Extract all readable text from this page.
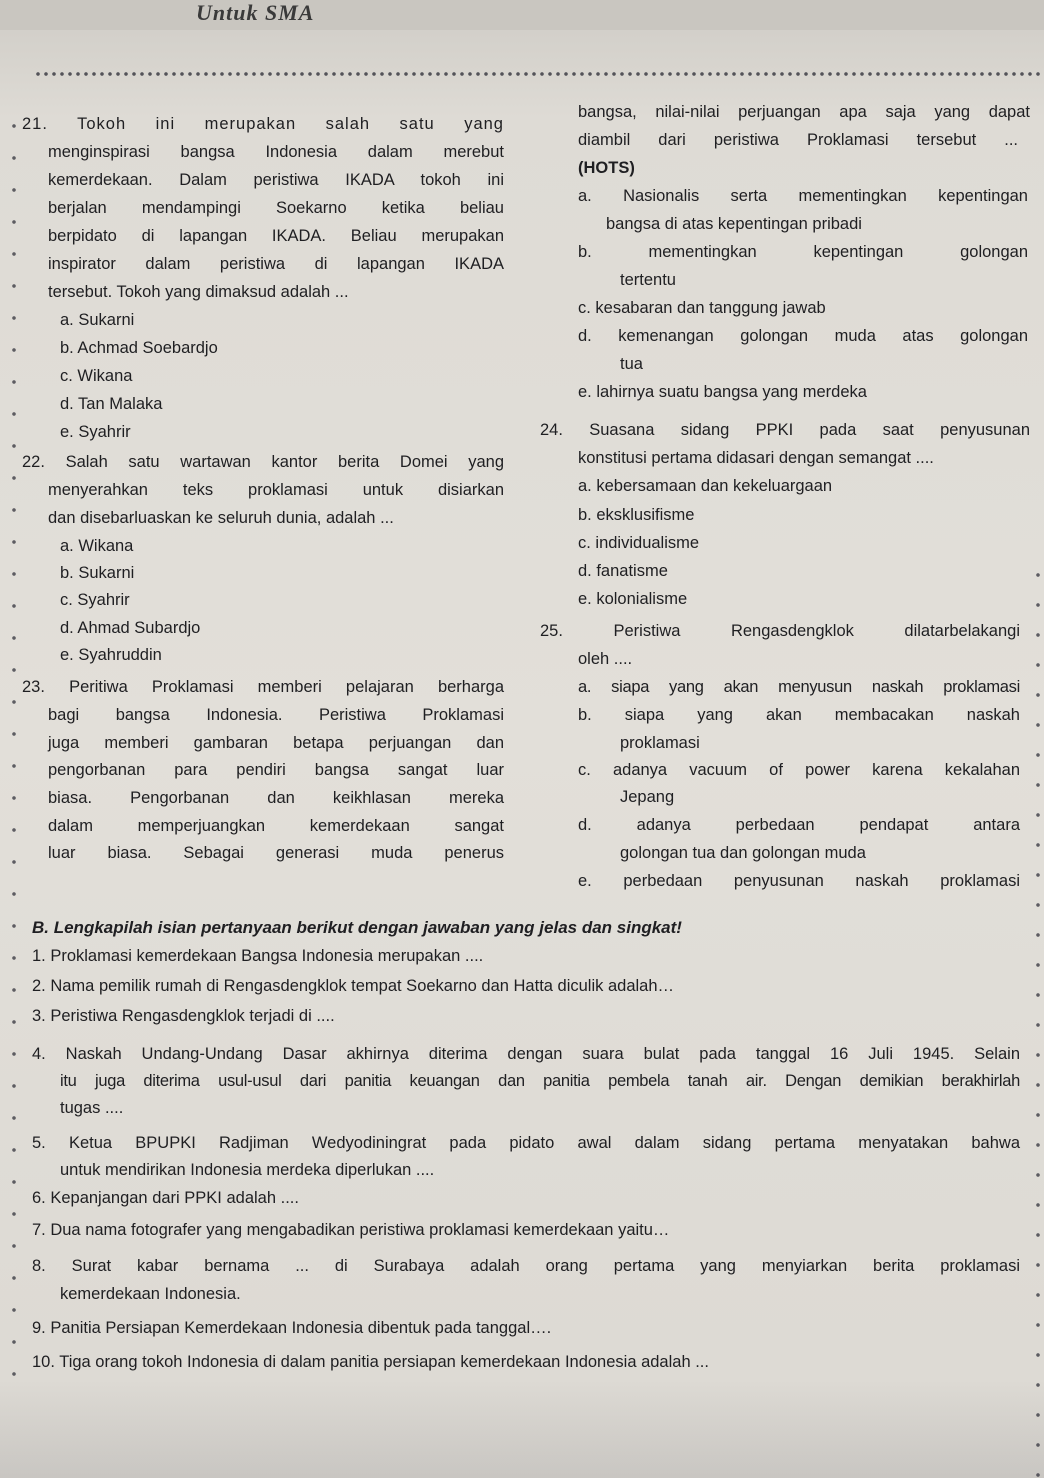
Untuk SMA
21. Tokoh ini merupakan salah satu yang
menginspirasi bangsa Indonesia dalam merebut
kemerdekaan. Dalam peristiwa IKADA tokoh ini
berjalan mendampingi Soekarno ketika beliau
berpidato di lapangan IKADA. Beliau merupakan
inspirator dalam peristiwa di lapangan IKADA
tersebut. Tokoh yang dimaksud adalah ...
a. Sukarni
b. Achmad Soebardjo
c. Wikana
d. Tan Malaka
e. Syahrir
22. Salah satu wartawan kantor berita Domei yang
menyerahkan teks proklamasi untuk disiarkan
dan disebarluaskan ke seluruh dunia, adalah ...
a. Wikana
b. Sukarni
c. Syahrir
d. Ahmad Subardjo
e. Syahruddin
23. Peritiwa Proklamasi memberi pelajaran berharga
bagi bangsa Indonesia. Peristiwa Proklamasi
juga memberi gambaran betapa perjuangan dan
pengorbanan para pendiri bangsa sangat luar
biasa. Pengorbanan dan keikhlasan mereka
dalam memperjuangkan kemerdekaan sangat
luar biasa. Sebagai generasi muda penerus
bangsa, nilai-nilai perjuangan apa saja yang dapat
diambil dari peristiwa Proklamasi tersebut ...
(HOTS)
a. Nasionalis serta mementingkan kepentingan
bangsa di atas kepentingan pribadi
b. mementingkan kepentingan golongan
tertentu
c. kesabaran dan tanggung jawab
d. kemenangan golongan muda atas golongan
tua
e. lahirnya suatu bangsa yang merdeka
24. Suasana sidang PPKI pada saat penyusunan
konstitusi pertama didasari dengan semangat ....
a. kebersamaan dan kekeluargaan
b. eksklusifisme
c. individualisme
d. fanatisme
e. kolonialisme
25. Peristiwa Rengasdengklok dilatarbelakangi
oleh ....
a. siapa yang akan menyusun naskah proklamasi
b. siapa yang akan membacakan naskah
proklamasi
c. adanya vacuum of power karena kekalahan
Jepang
d. adanya perbedaan pendapat antara
golongan tua dan golongan muda
e. perbedaan penyusunan naskah proklamasi
B. Lengkapilah isian pertanyaan berikut dengan jawaban yang jelas dan singkat!
1. Proklamasi kemerdekaan Bangsa Indonesia merupakan ....
2. Nama pemilik rumah di Rengasdengklok tempat Soekarno dan Hatta diculik adalah…
3. Peristiwa Rengasdengklok terjadi di ....
4. Naskah Undang-Undang Dasar akhirnya diterima dengan suara bulat pada tanggal 16 Juli 1945. Selain
itu juga diterima usul-usul dari panitia keuangan dan panitia pembela tanah air. Dengan demikian berakhirlah
tugas ....
5. Ketua BPUPKI Radjiman Wedyodiningrat pada pidato awal dalam sidang pertama menyatakan bahwa
untuk mendirikan Indonesia merdeka diperlukan ....
6. Kepanjangan dari PPKI adalah ....
7. Dua nama fotografer yang mengabadikan peristiwa proklamasi kemerdekaan yaitu…
8. Surat kabar bernama ... di Surabaya adalah orang pertama yang menyiarkan berita proklamasi
kemerdekaan Indonesia.
9. Panitia Persiapan Kemerdekaan Indonesia dibentuk pada tanggal….
10. Tiga orang tokoh Indonesia di dalam panitia persiapan kemerdekaan Indonesia adalah ...
